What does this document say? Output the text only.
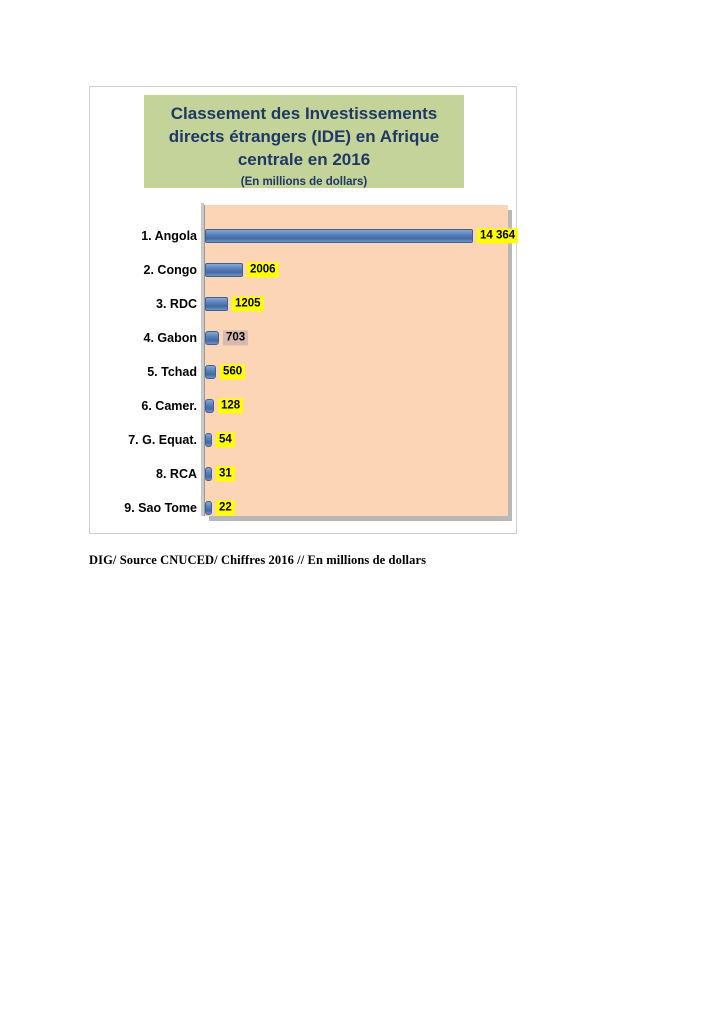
Classement des Investissements
directs étrangers (IDE) en Afrique
centrale en 2016
(En millions de dollars)
1. Angola
2. Congo
3. RDC
4. Gabon
5. Tchad
6. Camer.
7. G. Equat.
8. RCA
9. Sao Tome
14 364
2006
1205
703
560
128
54
31
22
DIG/ Source CNUCED/ Chiffres 2016 // En millions de dollars
